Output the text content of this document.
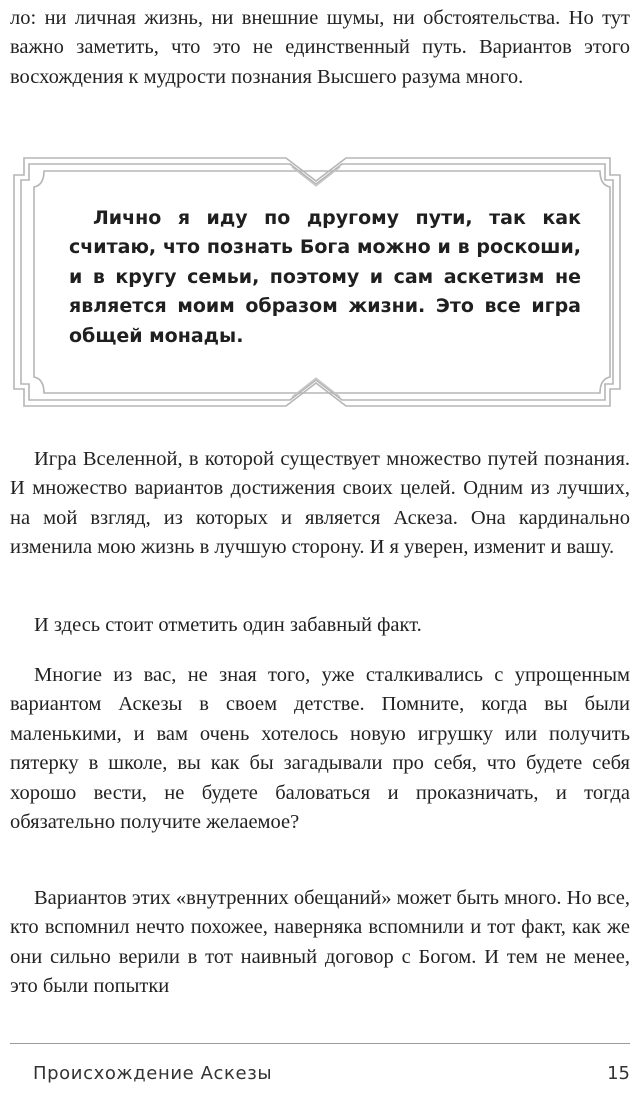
ло: ни личная жизнь, ни внешние шумы, ни обстоятельства. Но тут важно заметить, что это не единственный путь. Вариантов этого восхождения к мудрости познания Высшего разума много.

Лично я иду по другому пути, так как считаю, что познать Бога можно и в роскоши, и в кругу семьи, поэтому и сам аскетизм не является моим образом жизни. Это все игра общей монады.

Игра Вселенной, в которой существует множество путей познания. И множество вариантов достижения своих целей. Одним из лучших, на мой взгляд, из которых и является Аскеза. Она кардинально изменила мою жизнь в лучшую сторону. И я уверен, изменит и вашу.

И здесь стоит отметить один забавный факт.

Многие из вас, не зная того, уже сталкивались с упрощенным вариантом Аскезы в своем детстве. Помните, когда вы были маленькими, и вам очень хотелось новую игрушку или получить пятерку в школе, вы как бы загадывали про себя, что будете себя хорошо вести, не будете баловаться и проказничать, и тогда обязательно получите желаемое?

Вариантов этих «внутренних обещаний» может быть много. Но все, кто вспомнил нечто похожее, наверняка вспомнили и тот факт, как же они сильно верили в тот наивный договор с Богом. И тем не менее, это были попытки

Происхождение Аскезы	15
